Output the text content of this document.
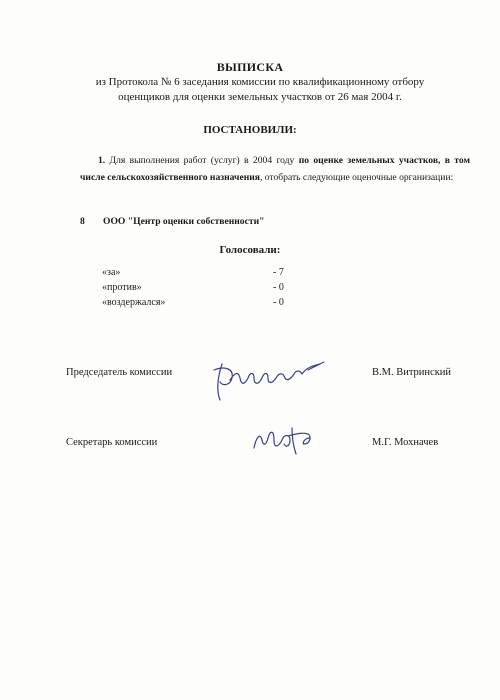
ВЫПИСКА
из Протокола № 6 заседания комиссии по квалификационному отбору
оценщиков для оценки земельных участков от 26 мая 2004 г.
ПОСТАНОВИЛИ:
1. Для выполнения работ (услуг) в 2004 году по оценке земельных участков, в том числе сельскохозяйственного назначения, отобрать следующие оценочные организации:
8 ООО "Центр оценки собственности"
Голосовали:
«за»	- 7
«против»	- 0
«воздержался»	- 0
Председатель комиссии	В.М. Витринский
Секретарь комиссии	М.Г. Мохначев
